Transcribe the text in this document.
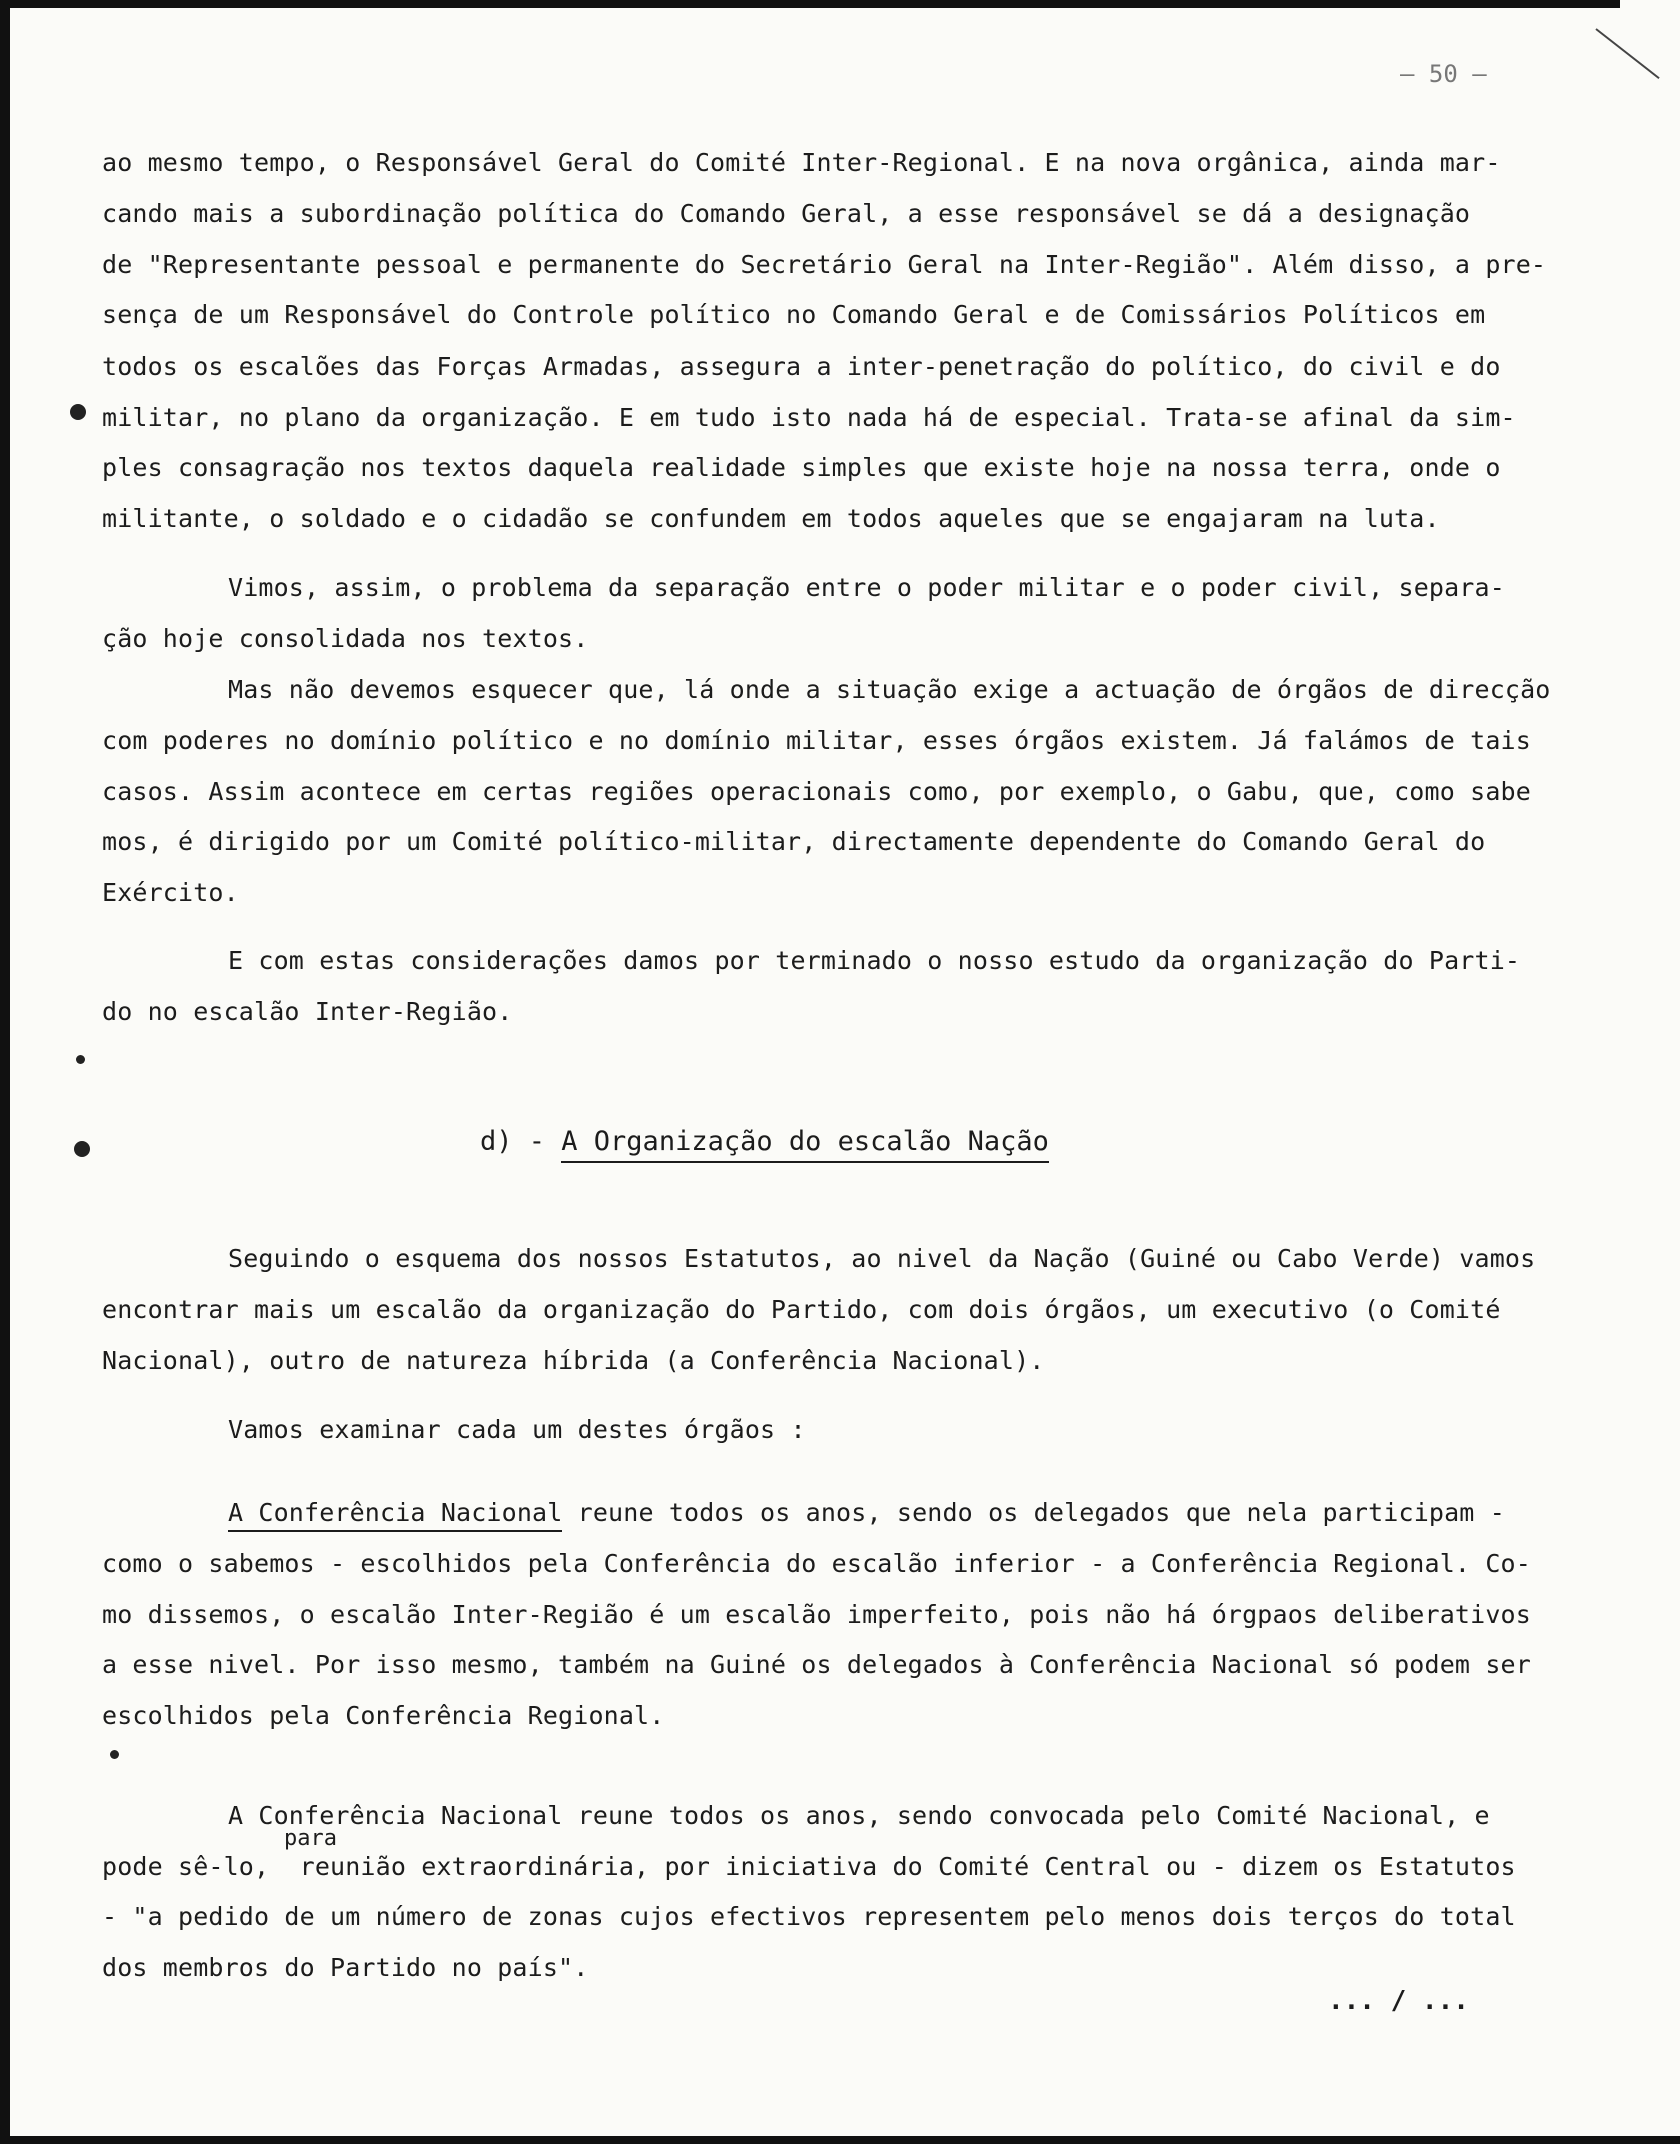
— 50 —
ao mesmo tempo, o Responsável Geral do Comité Inter-Regional. E na nova orgânica, ainda mar-
cando mais a subordinação política do Comando Geral, a esse responsável se dá a designação
de "Representante pessoal e permanente do Secretário Geral na Inter-Região". Além disso, a pre-
sença de um Responsável do Controle político no Comando Geral e de Comissários Políticos em
todos os escalões das Forças Armadas, assegura a inter-penetração do político, do civil e do
militar, no plano da organização. E em tudo isto nada há de especial. Trata-se afinal da sim-
ples consagração nos textos daquela realidade simples que existe hoje na nossa terra, onde o
militante, o soldado e o cidadão se confundem em todos aqueles que se engajaram na luta.
Vimos, assim, o problema da separação entre o poder militar e o poder civil, separa-
ção hoje consolidada nos textos.
Mas não devemos esquecer que, lá onde a situação exige a actuação de órgãos de direcção
com poderes no domínio político e no domínio militar, esses órgãos existem. Já falámos de tais
casos. Assim acontece em certas regiões operacionais como, por exemplo, o Gabu, que, como sabe
mos, é dirigido por um Comité político-militar, directamente dependente do Comando Geral do
Exército.
E com estas considerações damos por terminado o nosso estudo da organização do Parti-
do no escalão Inter-Região.
d) - A Organização do escalão Nação
Seguindo o esquema dos nossos Estatutos, ao nivel da Nação (Guiné ou Cabo Verde) vamos
encontrar mais um escalão da organização do Partido, com dois órgãos, um executivo (o Comité
Nacional), outro de natureza híbrida (a Conferência Nacional).
Vamos examinar cada um destes órgãos :
A Conferência Nacional reune todos os anos, sendo os delegados que nela participam -
como o sabemos - escolhidos pela Conferência do escalão inferior - a Conferência Regional. Co-
mo dissemos, o escalão Inter-Região é um escalão imperfeito, pois não há órgpaos deliberativos
a esse nivel. Por isso mesmo, também na Guiné os delegados à Conferência Nacional só podem ser
escolhidos pela Conferência Regional.
A Conferência Nacional reune todos os anos, sendo convocada pelo Comité Nacional, e
para
pode sê-lo,  reunião extraordinária, por iniciativa do Comité Central ou - dizem os Estatutos
- "a pedido de um número de zonas cujos efectivos representem pelo menos dois terços do total
dos membros do Partido no país".
... / ...
